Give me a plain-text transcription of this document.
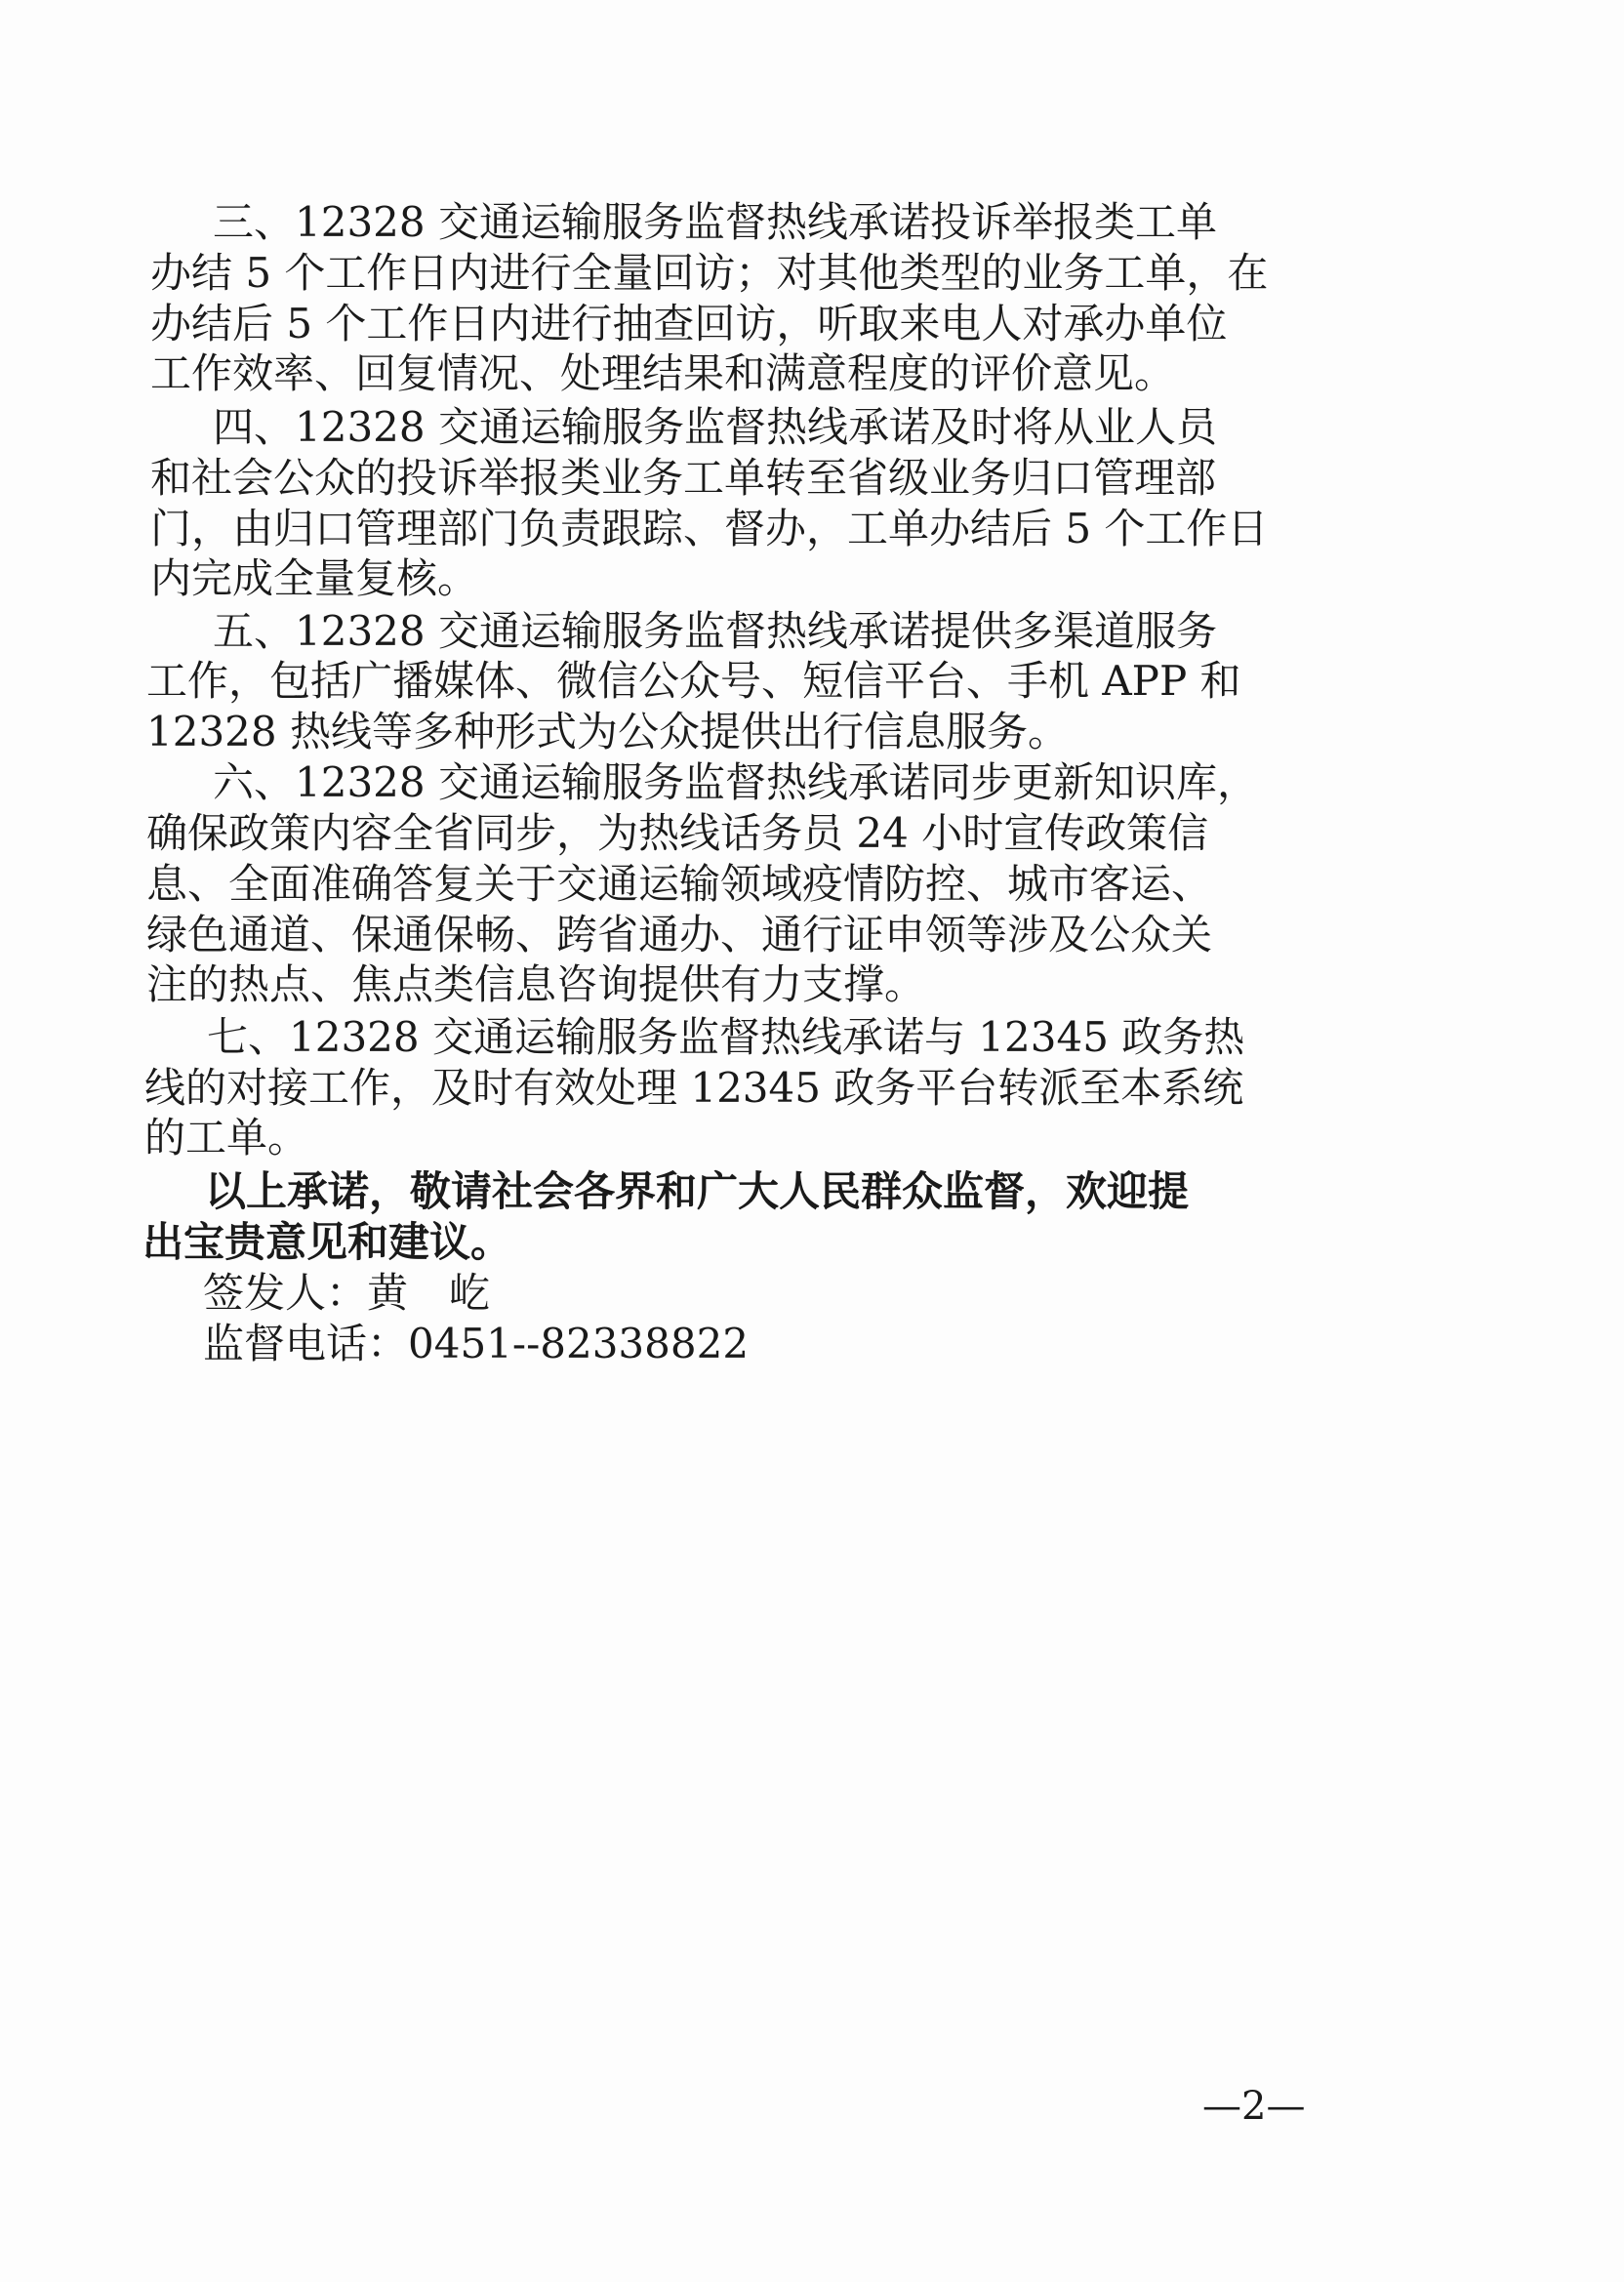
三、12328 交通运输服务监督热线承诺投诉举报类工单
办结 5 个工作日内进行全量回访；对其他类型的业务工单，在
办结后 5 个工作日内进行抽查回访，听取来电人对承办单位
工作效率、回复情况、处理结果和满意程度的评价意见。
四、12328 交通运输服务监督热线承诺及时将从业人员
和社会公众的投诉举报类业务工单转至省级业务归口管理部
门，由归口管理部门负责跟踪、督办，工单办结后 5 个工作日
内完成全量复核。
五、12328 交通运输服务监督热线承诺提供多渠道服务
工作，包括广播媒体、微信公众号、短信平台、手机 APP 和
12328 热线等多种形式为公众提供出行信息服务。
六、12328 交通运输服务监督热线承诺同步更新知识库，
确保政策内容全省同步，为热线话务员 24 小时宣传政策信
息、全面准确答复关于交通运输领域疫情防控、城市客运、
绿色通道、保通保畅、跨省通办、通行证申领等涉及公众关
注的热点、焦点类信息咨询提供有力支撑。
七、12328 交通运输服务监督热线承诺与 12345 政务热
线的对接工作，及时有效处理 12345 政务平台转派至本系统
的工单。
以上承诺，敬请社会各界和广大人民群众监督，欢迎提
出宝贵意见和建议。
签发人：黄　屹
监督电话：0451--82338822
—2—
